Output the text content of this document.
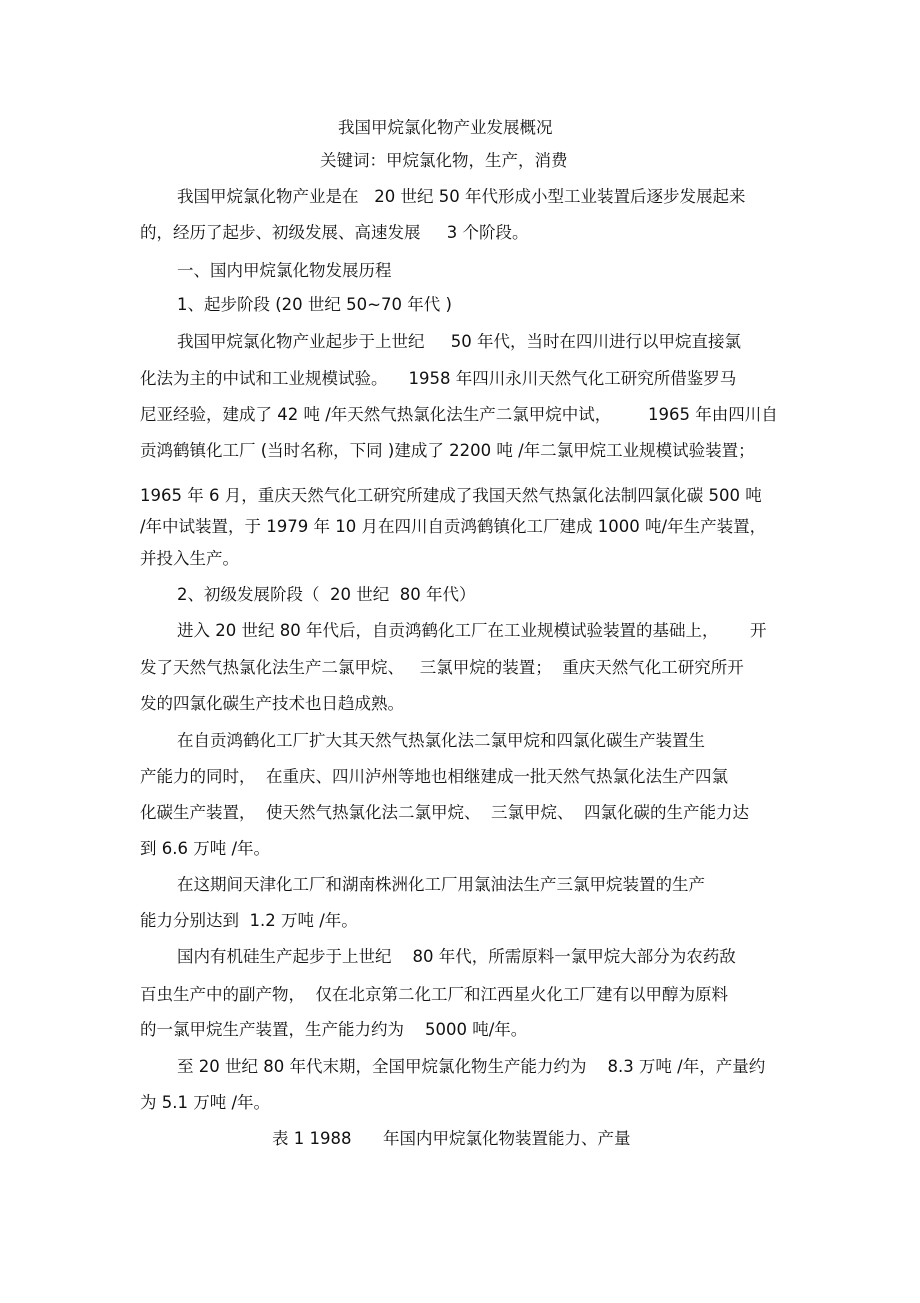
我国甲烷氯化物产业发展概况
关键词：甲烷氯化物，生产，消费
我国甲烷氯化物产业是在   20 世纪 50 年代形成小型工业装置后逐步发展起来
的，经历了起步、初级发展、高速发展     3 个阶段。
一、国内甲烷氯化物发展历程
1、起步阶段 (20 世纪 50~70 年代 )
我国甲烷氯化物产业起步于上世纪     50 年代，当时在四川进行以甲烷直接氯
化法为主的中试和工业规模试验。    1958 年四川永川天然气化工研究所借鉴罗马
尼亚经验，建成了 42 吨 /年天然气热氯化法生产二氯甲烷中试，       1965 年由四川自
贡鸿鹤镇化工厂 (当时名称，下同 )建成了 2200 吨 /年二氯甲烷工业规模试验装置；
1965 年 6 月，重庆天然气化工研究所建成了我国天然气热氯化法制四氯化碳 500 吨
/年中试装置，于 1979 年 10 月在四川自贡鸿鹤镇化工厂建成 1000 吨/年生产装置，
并投入生产。
2、初级发展阶段（  20 世纪  80 年代）
进入 20 世纪 80 年代后，自贡鸿鹤化工厂在工业规模试验装置的基础上，      开
发了天然气热氯化法生产二氯甲烷、   三氯甲烷的装置；  重庆天然气化工研究所开
发的四氯化碳生产技术也日趋成熟。
在自贡鸿鹤化工厂扩大其天然气热氯化法二氯甲烷和四氯化碳生产装置生
产能力的同时，  在重庆、四川泸州等地也相继建成一批天然气热氯化法生产四氯
化碳生产装置，  使天然气热氯化法二氯甲烷、  三氯甲烷、  四氯化碳的生产能力达
到 6.6 万吨 /年。
在这期间天津化工厂和湖南株洲化工厂用氯油法生产三氯甲烷装置的生产
能力分别达到  1.2 万吨 /年。
国内有机硅生产起步于上世纪    80 年代，所需原料一氯甲烷大部分为农药敌
百虫生产中的副产物，  仅在北京第二化工厂和江西星火化工厂建有以甲醇为原料
的一氯甲烷生产装置，生产能力约为    5000 吨/年。
至 20 世纪 80 年代末期，全国甲烷氯化物生产能力约为    8.3 万吨 /年，产量约
为 5.1 万吨 /年。
表 1 1988      年国内甲烷氯化物装置能力、产量
